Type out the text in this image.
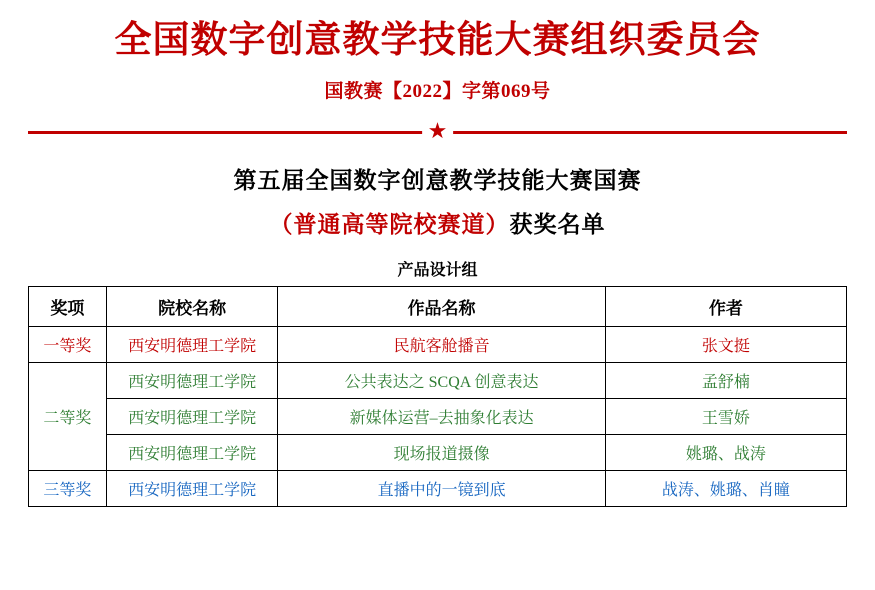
全国数字创意教学技能大赛组织委员会
国教赛【2022】字第069号
★
第五届全国数字创意教学技能大赛国赛
（普通高等院校赛道）获奖名单
产品设计组
奖项	院校名称	作品名称	作者
一等奖	西安明德理工学院	民航客舱播音	张文挺
二等奖	西安明德理工学院	公共表达之 SCQA 创意表达	孟舒楠
	西安明德理工学院	新媒体运营–去抽象化表达	王雪娇
	西安明德理工学院	现场报道摄像	姚璐、战涛
三等奖	西安明德理工学院	直播中的一镜到底	战涛、姚璐、肖瞳
